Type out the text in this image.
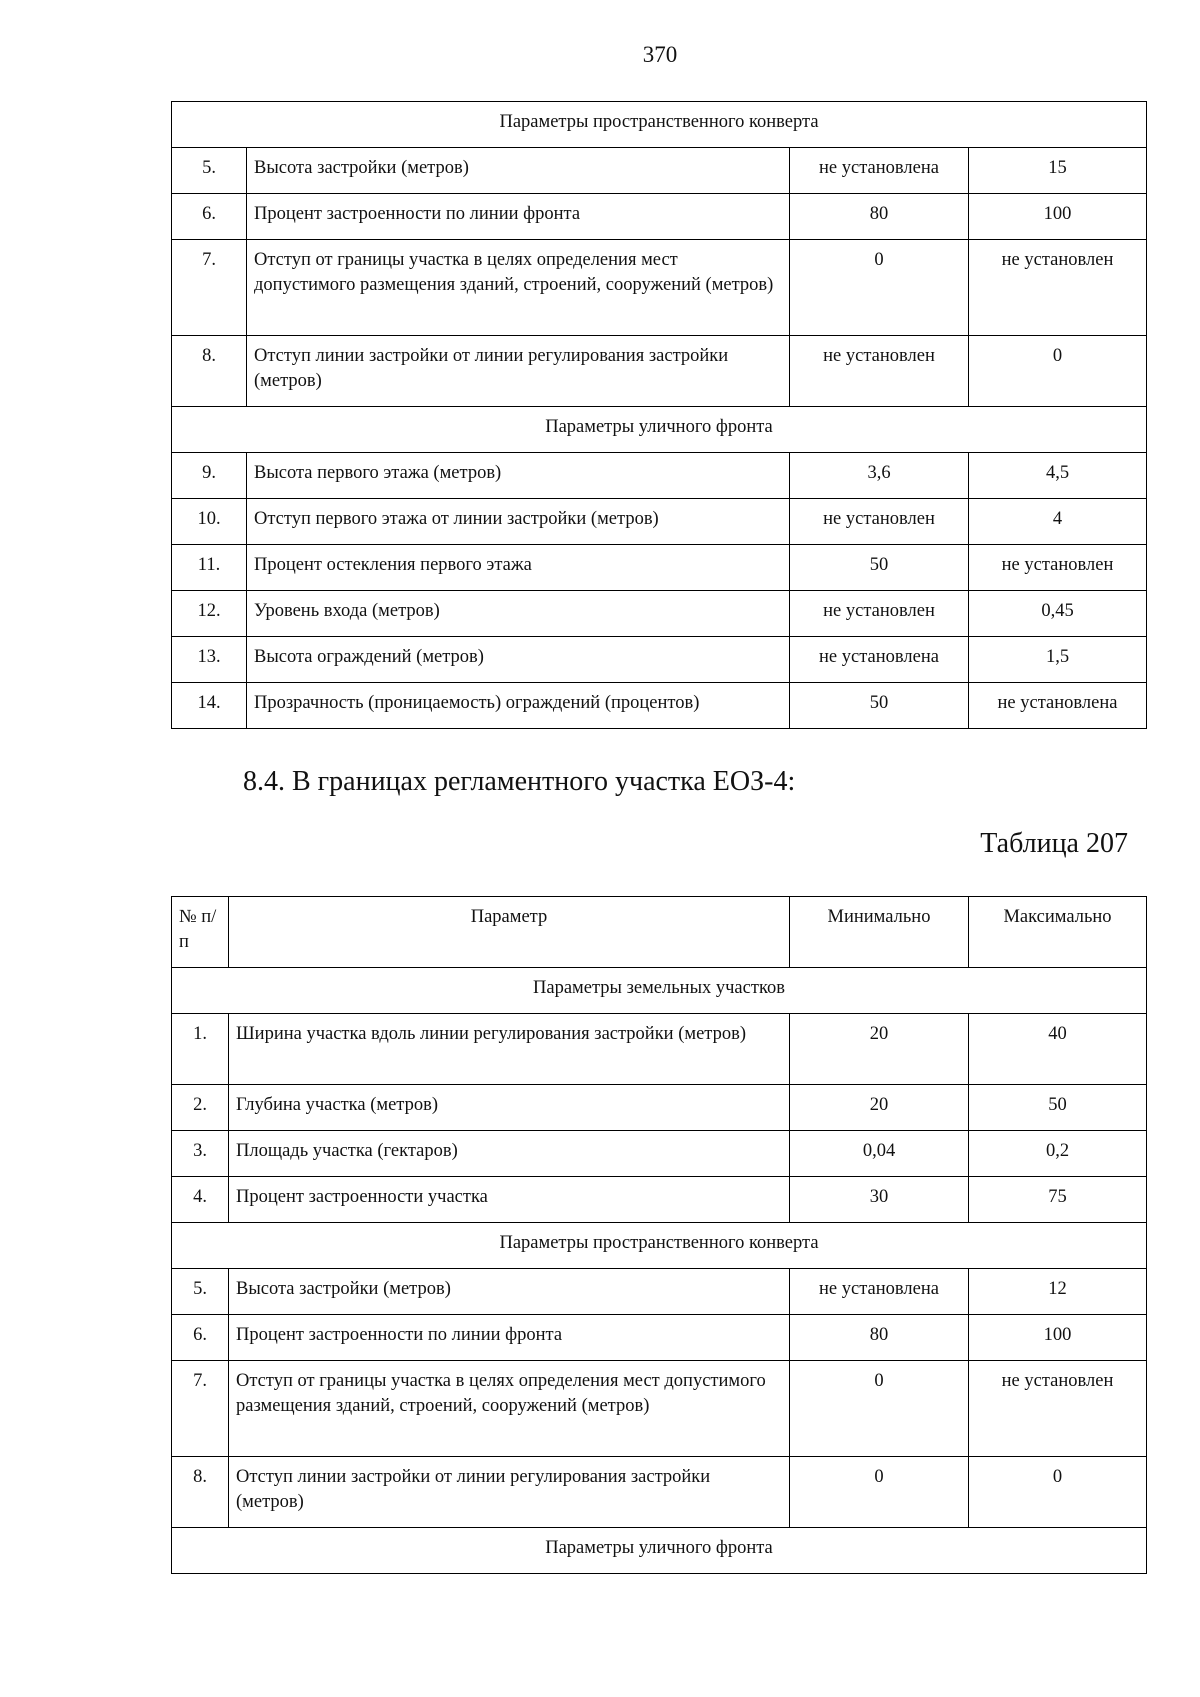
370
Параметры пространственного конверта			
5.	Высота застройки (метров)	не установлена	15
6.	Процент застроенности по линии фронта	80	100
7.	Отступ от границы участка в целях определения мест допустимого размещения зданий, строений, сооружений (метров)	0	не установлен
8.	Отступ линии застройки от линии регулирования застройки (метров)	не установлен	0
Параметры уличного фронта			
9.	Высота первого этажа (метров)	3,6	4,5
10.	Отступ первого этажа от линии застройки (метров)	не установлен	4
11.	Процент остекления первого этажа	50	не установлен
12.	Уровень входа (метров)	не установлен	0,45
13.	Высота ограждений (метров)	не установлена	1,5
14.	Прозрачность (проницаемость) ограждений (процентов)	50	не установлена
8.4. В границах регламентного участка ЕОЗ-4:
Таблица 207
№ п/п	Параметр	Минимально	Максимально
Параметры земельных участков			
1.	Ширина участка вдоль линии регулирования застройки (метров)	20	40
2.	Глубина участка (метров)	20	50
3.	Площадь участка (гектаров)	0,04	0,2
4.	Процент застроенности участка	30	75
Параметры пространственного конверта			
5.	Высота застройки (метров)	не установлена	12
6.	Процент застроенности по линии фронта	80	100
7.	Отступ от границы участка в целях определения мест допустимого размещения зданий, строений, сооружений (метров)	0	не установлен
8.	Отступ линии застройки от линии регулирования застройки (метров)	0	0
Параметры уличного фронта			
